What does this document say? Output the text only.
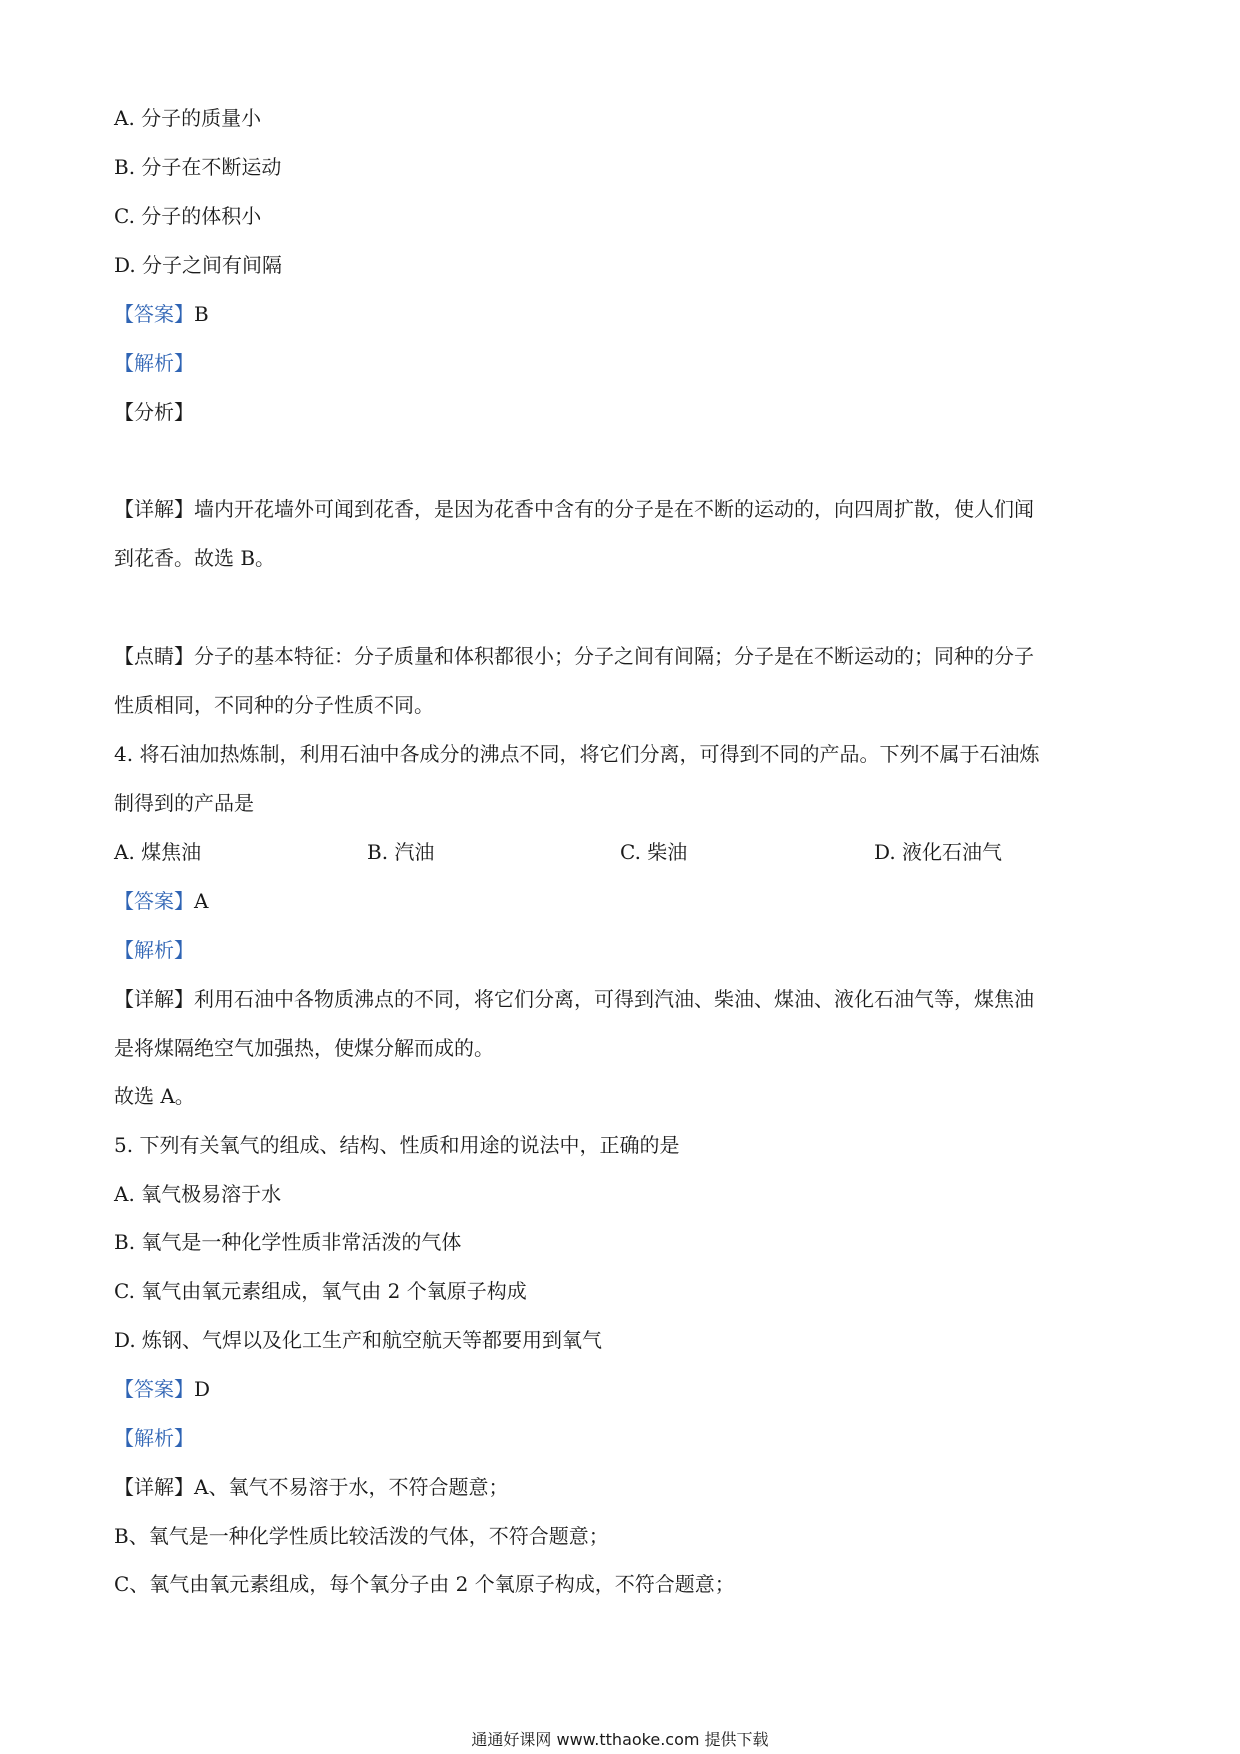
A. 分子的质量小
B. 分子在不断运动
C. 分子的体积小
D. 分子之间有间隔
【答案】B
【解析】
【分析】
【详解】墙内开花墙外可闻到花香，是因为花香中含有的分子是在不断的运动的，向四周扩散，使人们闻
到花香。故选 B。
【点睛】分子的基本特征：分子质量和体积都很小；分子之间有间隔；分子是在不断运动的；同种的分子
性质相同，不同种的分子性质不同。
4. 将石油加热炼制，利用石油中各成分的沸点不同，将它们分离，可得到不同的产品。下列不属于石油炼
制得到的产品是
A. 煤焦油	B. 汽油	C. 柴油	D. 液化石油气
【答案】A
【解析】
【详解】利用石油中各物质沸点的不同，将它们分离，可得到汽油、柴油、煤油、液化石油气等，煤焦油
是将煤隔绝空气加强热，使煤分解而成的。
故选 A。
5. 下列有关氧气的组成、结构、性质和用途的说法中，正确的是
A. 氧气极易溶于水
B. 氧气是一种化学性质非常活泼的气体
C. 氧气由氧元素组成，氧气由 2 个氧原子构成
D. 炼钢、气焊以及化工生产和航空航天等都要用到氧气
【答案】D
【解析】
【详解】A、氧气不易溶于水，不符合题意；
B、氧气是一种化学性质比较活泼的气体，不符合题意；
C、氧气由氧元素组成，每个氧分子由 2 个氧原子构成，不符合题意；
通通好课网 www.tthaoke.com 提供下载
